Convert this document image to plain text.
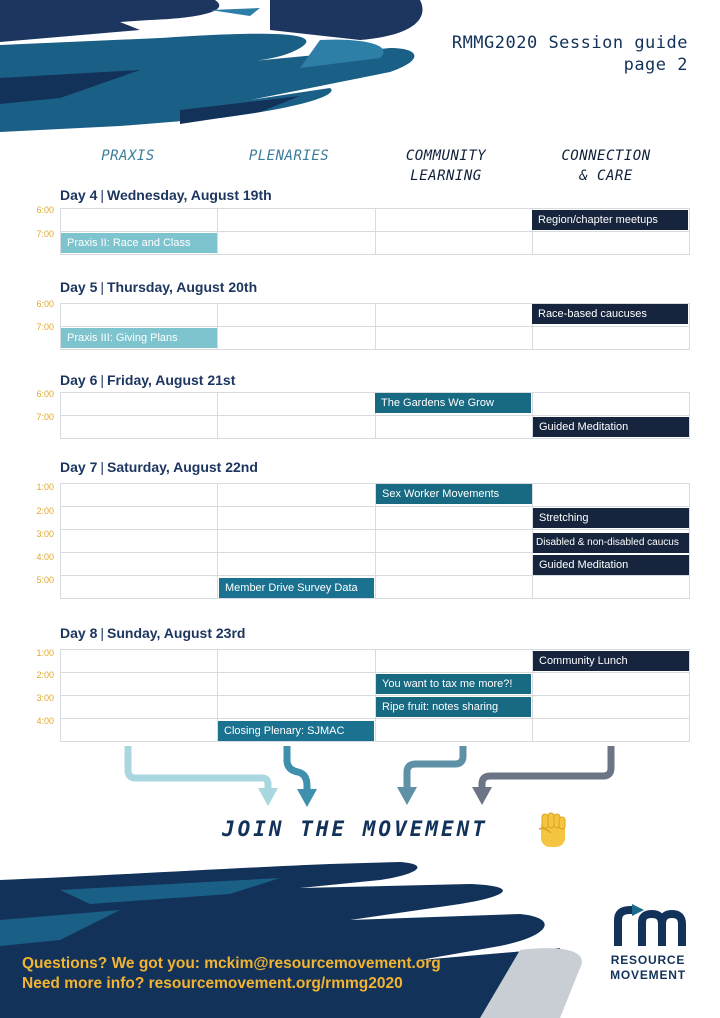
RMMG2020 Session guide
page 2
PRAXIS	PLENARIES	COMMUNITY
LEARNING
CONNECTION
& CARE
Day 4 | Wednesday, August 19th
6:00
7:00
Region/chapter meetups
Praxis II: Race and Class
Day 5 | Thursday, August 20th
6:00
7:00
Race-based caucuses
Praxis III: Giving Plans
Day 6 | Friday, August 21st
6:00
7:00
The Gardens We Grow
Guided Meditation
Day 7 | Saturday, August 22nd
1:00
2:00
3:00
4:00
5:00
Sex Worker Movements
Stretching
Disabled & non-disabled caucus
Guided Meditation
Member Drive Survey Data
Day 8 | Sunday, August 23rd
1:00
2:00
3:00
4:00
Community Lunch
You want to tax me more?!
Ripe fruit: notes sharing
Closing Plenary: SJMAC
JOIN THE MOVEMENT
Questions? We got you: mckim@resourcemovement.org
Need more info? resourcemovement.org/rmmg2020
RESOURCE
MOVEMENT
